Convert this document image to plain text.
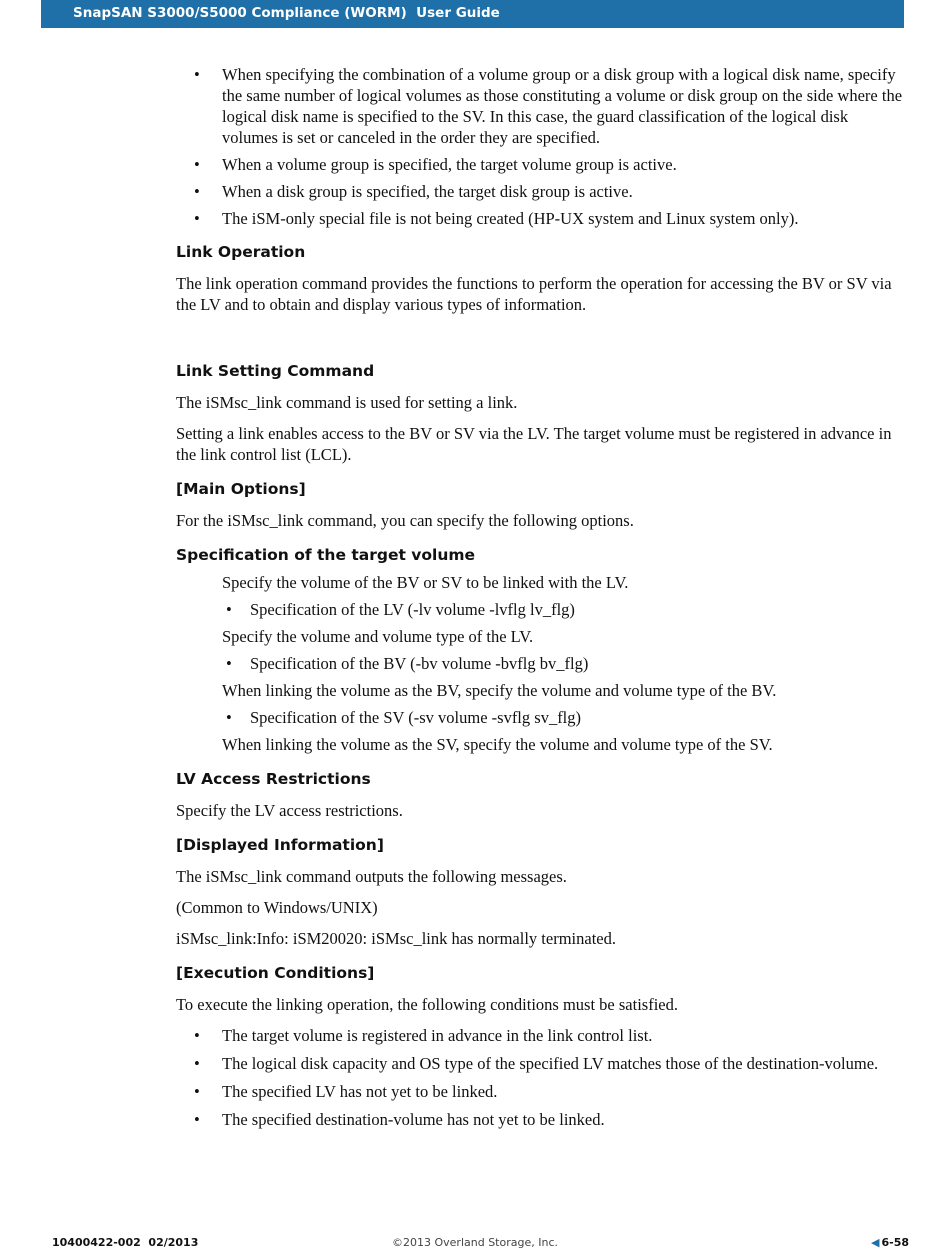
SnapSAN S3000/S5000 Compliance (WORM)  User Guide
• When specifying the combination of a volume group or a disk group with a logical disk name, specify the same number of logical volumes as those constituting a volume or disk group on the side where the logical disk name is specified to the SV. In this case, the guard classification of the logical disk volumes is set or canceled in the order they are specified.
• When a volume group is specified, the target volume group is active.
• When a disk group is specified, the target disk group is active.
• The iSM-only special file is not being created (HP-UX system and Linux system only).
Link Operation

The link operation command provides the functions to perform the operation for accessing the BV or SV via the LV and to obtain and display various types of information.

Link Setting Command

The iSMsc_link command is used for setting a link.

Setting a link enables access to the BV or SV via the LV. The target volume must be registered in advance in the link control list (LCL).

[Main Options]

For the iSMsc_link command, you can specify the following options.

Specification of the target volume

Specify the volume of the BV or SV to be linked with the LV.

• Specification of the LV (-lv volume -lvflg lv_flg)

Specify the volume and volume type of the LV.

• Specification of the BV (-bv volume -bvflg bv_flg)

When linking the volume as the BV, specify the volume and volume type of the BV.

• Specification of the SV (-sv volume -svflg sv_flg)

When linking the volume as the SV, specify the volume and volume type of the SV.

LV Access Restrictions

Specify the LV access restrictions.

[Displayed Information]

The iSMsc_link command outputs the following messages.

(Common to Windows/UNIX)

iSMsc_link:Info: iSM20020: iSMsc_link has normally terminated.

[Execution Conditions]

To execute the linking operation, the following conditions must be satisfied.

• The target volume is registered in advance in the link control list.
• The logical disk capacity and OS type of the specified LV matches those of the destination-volume.
• The specified LV has not yet to be linked.
• The specified destination-volume has not yet to be linked.
10400422-002  02/2013	©2013 Overland Storage, Inc.	◀ 6-58
